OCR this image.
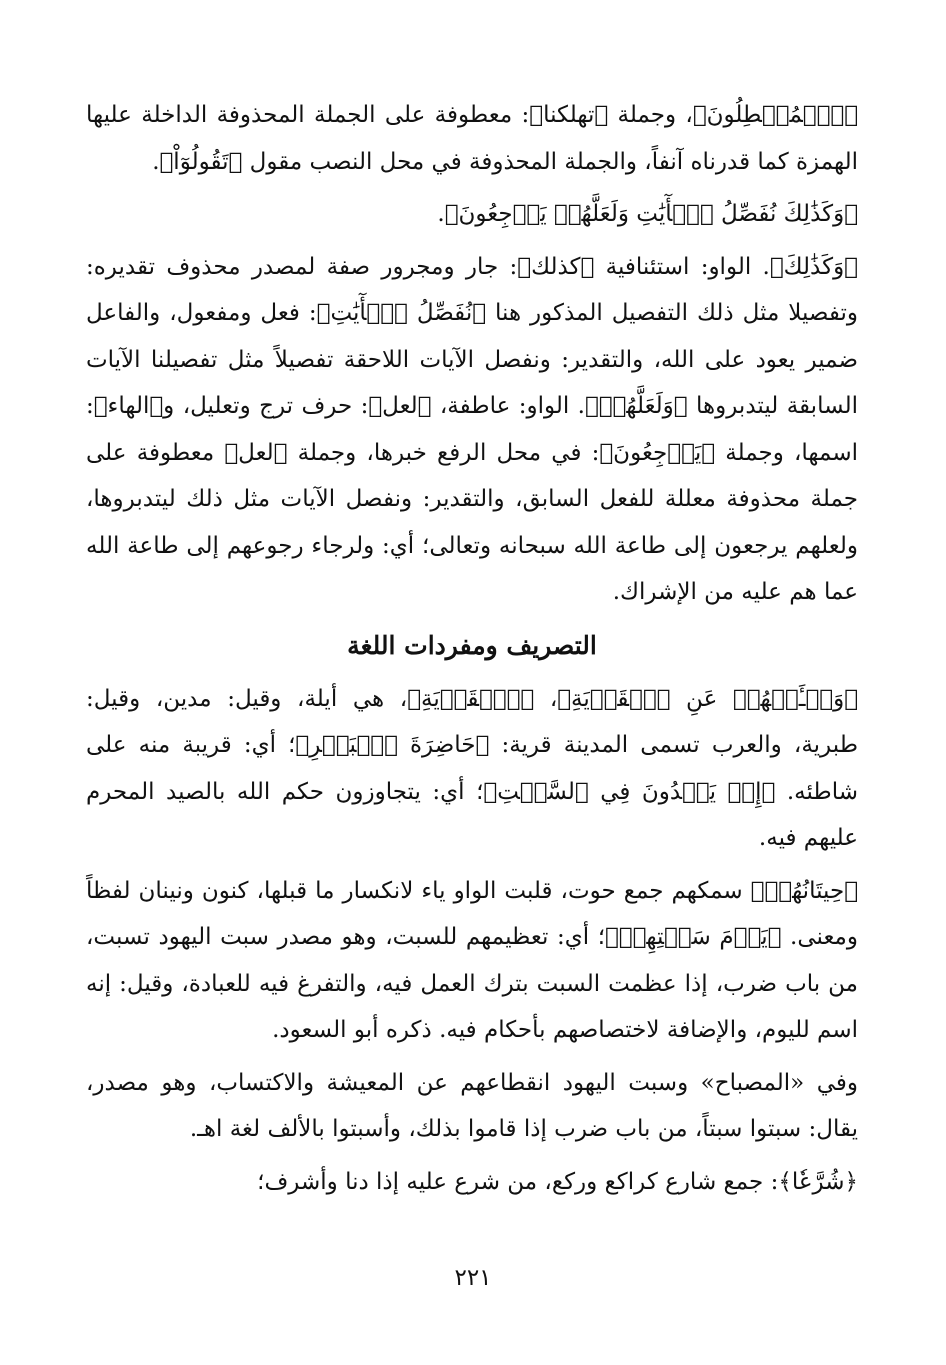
﴿ٱلۡمُبۡطِلُونَ﴾، وجملة ﴿تهلكنا﴾: معطوفة على الجملة المحذوفة الداخلة عليها الهمزة كما قدرناه آنفاً، والجملة المحذوفة في محل النصب مقول ﴿تَقُولُوٓاْ﴾.

﴿وَكَذَٰلِكَ نُفَصِّلُ ٱلۡأٓيَٰتِ وَلَعَلَّهُمۡ يَرۡجِعُونَ﴾.

﴿وَكَذَٰلِكَ﴾. الواو: استئنافية ﴿كذلك﴾: جار ومجرور صفة لمصدر محذوف تقديره: وتفصيلا مثل ذلك التفصيل المذكور هنا ﴿نُفَصِّلُ ٱلۡأٓيَٰتِ﴾: فعل ومفعول، والفاعل ضمير يعود على الله، والتقدير: ونفصل الآيات اللاحقة تفصيلاً مثل تفصيلنا الآيات السابقة ليتدبروها ﴿وَلَعَلَّهُمۡ﴾. الواو: عاطفة، ﴿لعل﴾: حرف ترج وتعليل، و﴿الهاء﴾: اسمها، وجملة ﴿يَرۡجِعُونَ﴾: في محل الرفع خبرها، وجملة ﴿لعل﴾ معطوفة على جملة محذوفة معللة للفعل السابق، والتقدير: ونفصل الآيات مثل ذلك ليتدبروها، ولعلهم يرجعون إلى طاعة الله سبحانه وتعالى؛ أي: ولرجاء رجوعهم إلى طاعة الله عما هم عليه من الإشراك.

التصريف ومفردات اللغة

﴿وَسۡـَٔلۡهُمۡ عَنِ ٱلۡقَرۡيَةِ﴾، ﴿ٱلۡقَرۡيَةِ﴾، هي أيلة، وقيل: مدين، وقيل: طبرية، والعرب تسمى المدينة قرية: ﴿حَاضِرَةَ ٱلۡبَحۡرِ﴾؛ أي: قريبة منه على شاطئه. ﴿إِذۡ يَعۡدُونَ فِي ٱلسَّبۡتِ﴾؛ أي: يتجاوزون حكم الله بالصيد المحرم عليهم فيه.

﴿حِيتَانُهُمۡ﴾ سمكهم جمع حوت، قلبت الواو ياء لانكسار ما قبلها، كنون ونينان لفظاً ومعنى. ﴿يَوۡمَ سَبۡتِهِمۡ﴾؛ أي: تعظيمهم للسبت، وهو مصدر سبت اليهود تسبت، من باب ضرب، إذا عظمت السبت بترك العمل فيه، والتفرغ فيه للعبادة، وقيل: إنه اسم لليوم، والإضافة لاختصاصهم بأحكام فيه. ذكره أبو السعود.

وفي «المصباح» وسبت اليهود انقطاعهم عن المعيشة والاكتساب، وهو مصدر، يقال: سبتوا سبتاً، من باب ضرب إذا قاموا بذلك، وأسبتوا بالألف لغة اهـ.

﴿شُرَّعٗا﴾: جمع شارع كراكع وركع، من شرع عليه إذا دنا وأشرف؛

٢٢١
